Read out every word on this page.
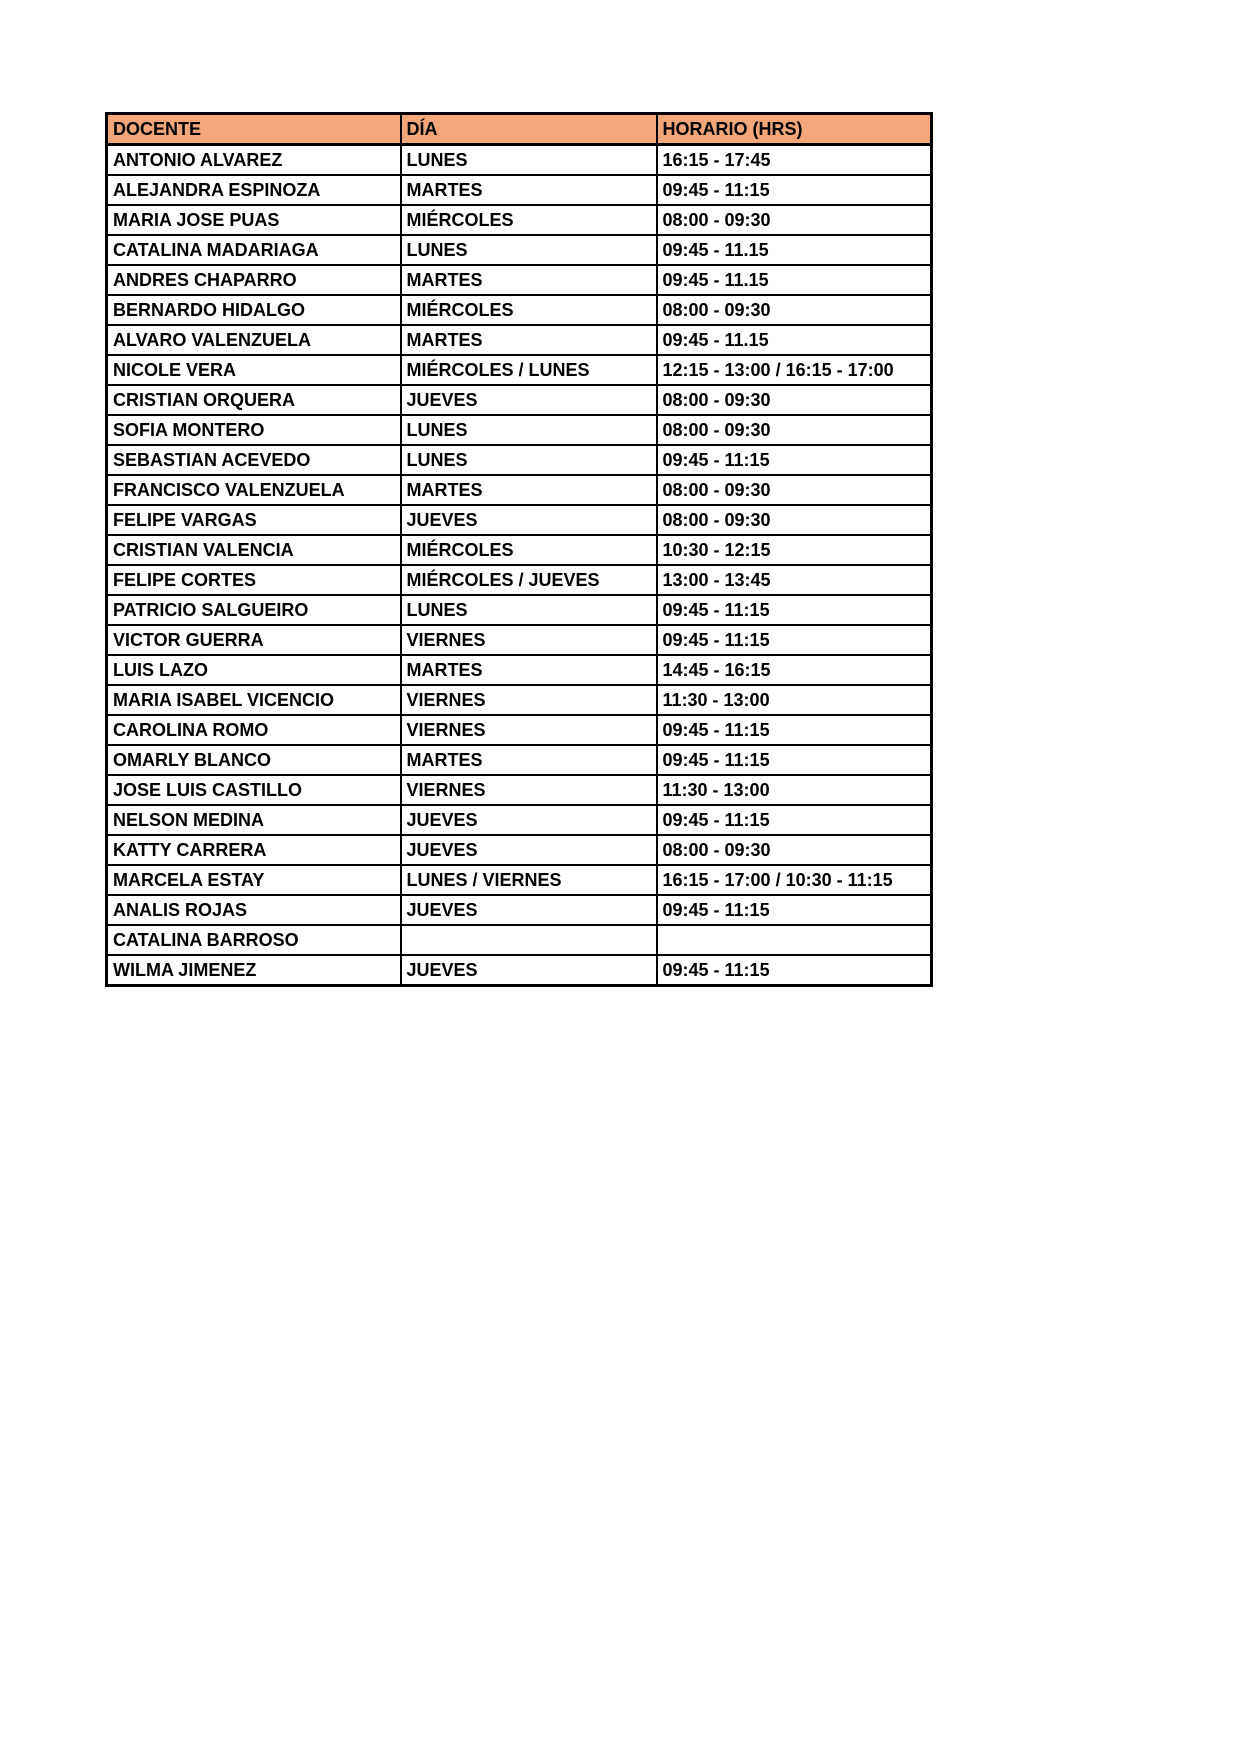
DOCENTE	DÍA	HORARIO (HRS)
ANTONIO ALVAREZ	LUNES	16:15 - 17:45
ALEJANDRA ESPINOZA	MARTES	09:45 - 11:15
MARIA JOSE PUAS	MIÉRCOLES	08:00 - 09:30
CATALINA MADARIAGA	LUNES	09:45 - 11.15
ANDRES CHAPARRO	MARTES	09:45 - 11.15
BERNARDO HIDALGO	MIÉRCOLES	08:00 - 09:30
ALVARO VALENZUELA	MARTES	09:45 - 11.15
NICOLE VERA	MIÉRCOLES / LUNES	12:15 - 13:00 / 16:15 - 17:00
CRISTIAN ORQUERA	JUEVES	08:00 - 09:30
SOFIA MONTERO	LUNES	08:00 - 09:30
SEBASTIAN ACEVEDO	LUNES	09:45 - 11:15
FRANCISCO VALENZUELA	MARTES	08:00 - 09:30
FELIPE VARGAS	JUEVES	08:00 - 09:30
CRISTIAN VALENCIA	MIÉRCOLES	10:30 - 12:15
FELIPE CORTES	MIÉRCOLES / JUEVES	13:00 - 13:45
PATRICIO SALGUEIRO	LUNES	09:45 - 11:15
VICTOR GUERRA	VIERNES	09:45 - 11:15
LUIS LAZO	MARTES	14:45 - 16:15
MARIA ISABEL VICENCIO	VIERNES	11:30 - 13:00
CAROLINA ROMO	VIERNES	09:45 - 11:15
OMARLY BLANCO	MARTES	09:45 - 11:15
JOSE LUIS CASTILLO	VIERNES	11:30 - 13:00
NELSON MEDINA	JUEVES	09:45 - 11:15
KATTY CARRERA	JUEVES	08:00 - 09:30
MARCELA ESTAY	LUNES / VIERNES	16:15 - 17:00 / 10:30 - 11:15
ANALIS ROJAS	JUEVES	09:45 - 11:15
CATALINA BARROSO		
WILMA JIMENEZ	JUEVES	09:45 - 11:15
